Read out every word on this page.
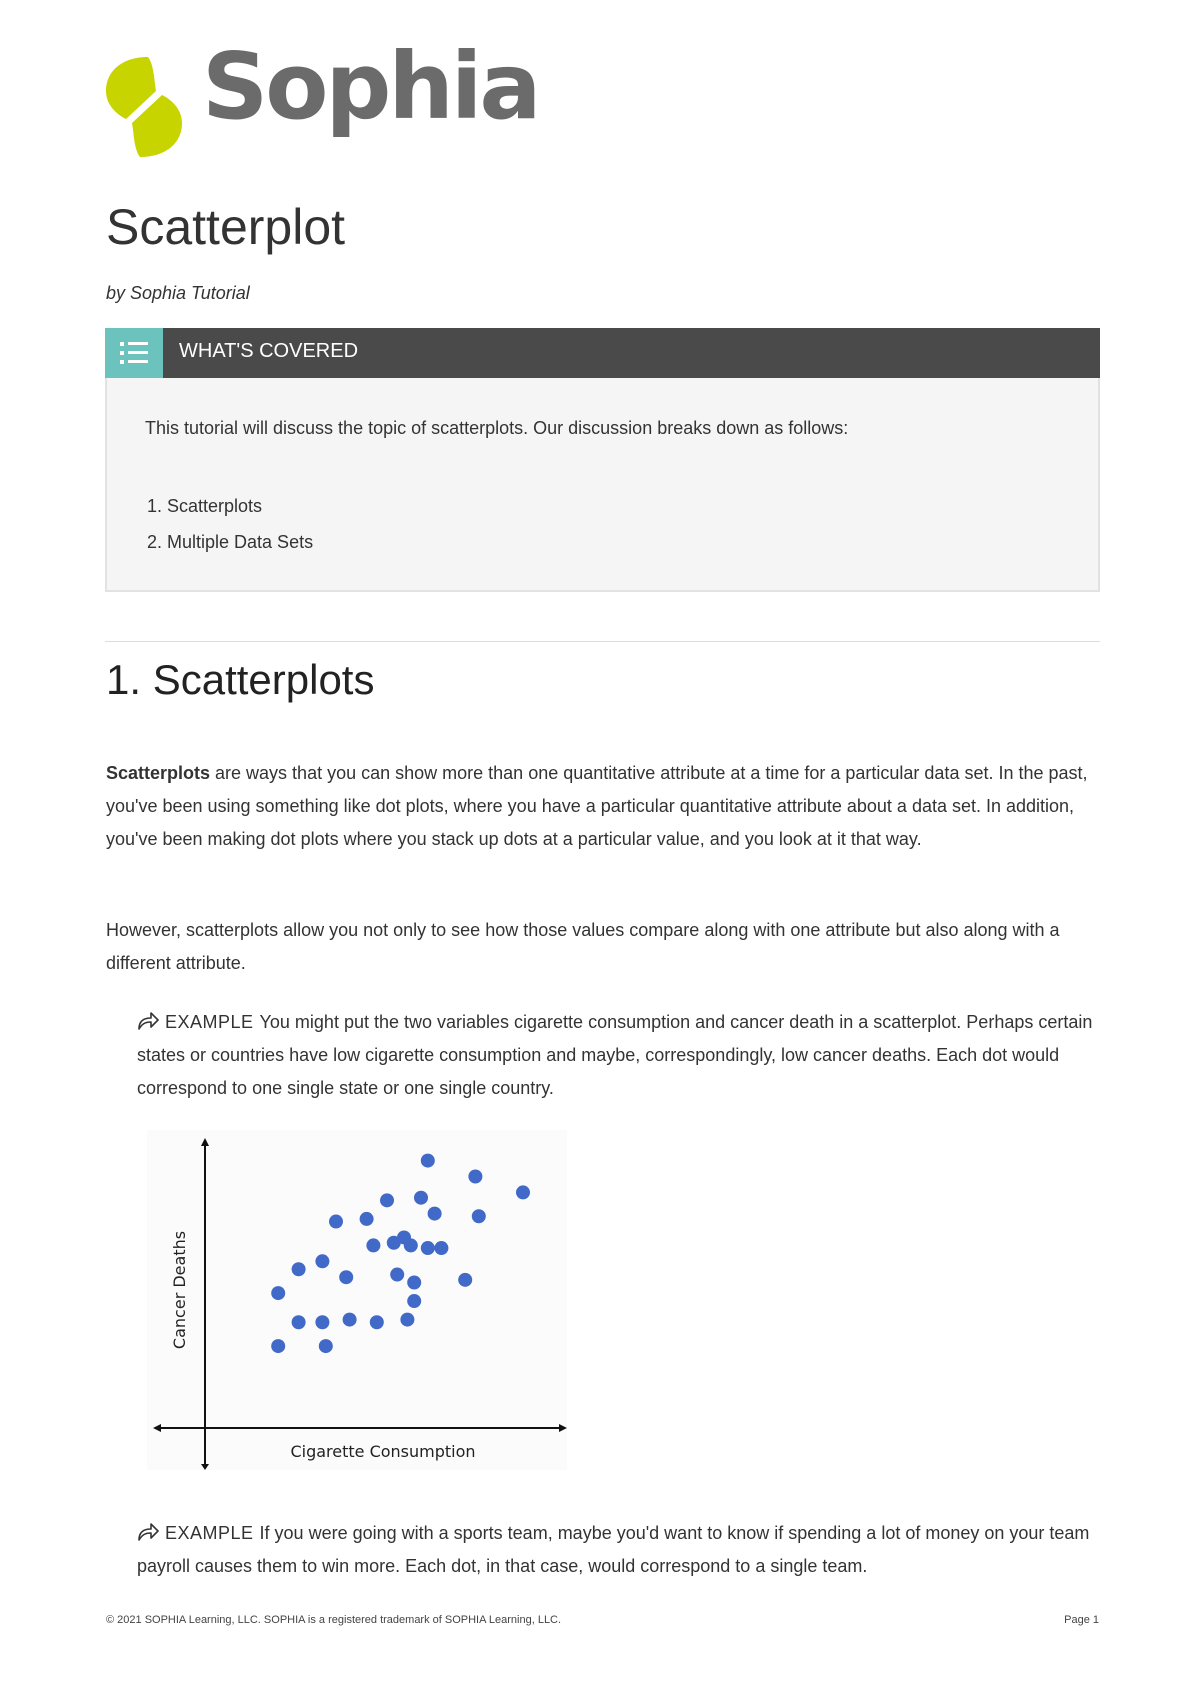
Sophia
Scatterplot
by Sophia Tutorial
WHAT'S COVERED
This tutorial will discuss the topic of scatterplots. Our discussion breaks down as follows:
1. Scatterplots
2. Multiple Data Sets
1. Scatterplots

Scatterplots are ways that you can show more than one quantitative attribute at a time for a particular data set. In the past, you've been using something like dot plots, where you have a particular quantitative attribute about a data set. In addition, you've been making dot plots where you stack up dots at a particular value, and you look at it that way.

However, scatterplots allow you not only to see how those values compare along with one attribute but also along with a different attribute.

EXAMPLE You might put the two variables cigarette consumption and cancer death in a scatterplot. Perhaps certain states or countries have low cigarette consumption and maybe, correspondingly, low cancer deaths. Each dot would correspond to one single state or one single country.

Cigarette Consumption
Cancer Deaths

EXAMPLE If you were going with a sports team, maybe you'd want to know if spending a lot of money on your team payroll causes them to win more. Each dot, in that case, would correspond to a single team.

© 2021 SOPHIA Learning, LLC. SOPHIA is a registered trademark of SOPHIA Learning, LLC.	Page 1
